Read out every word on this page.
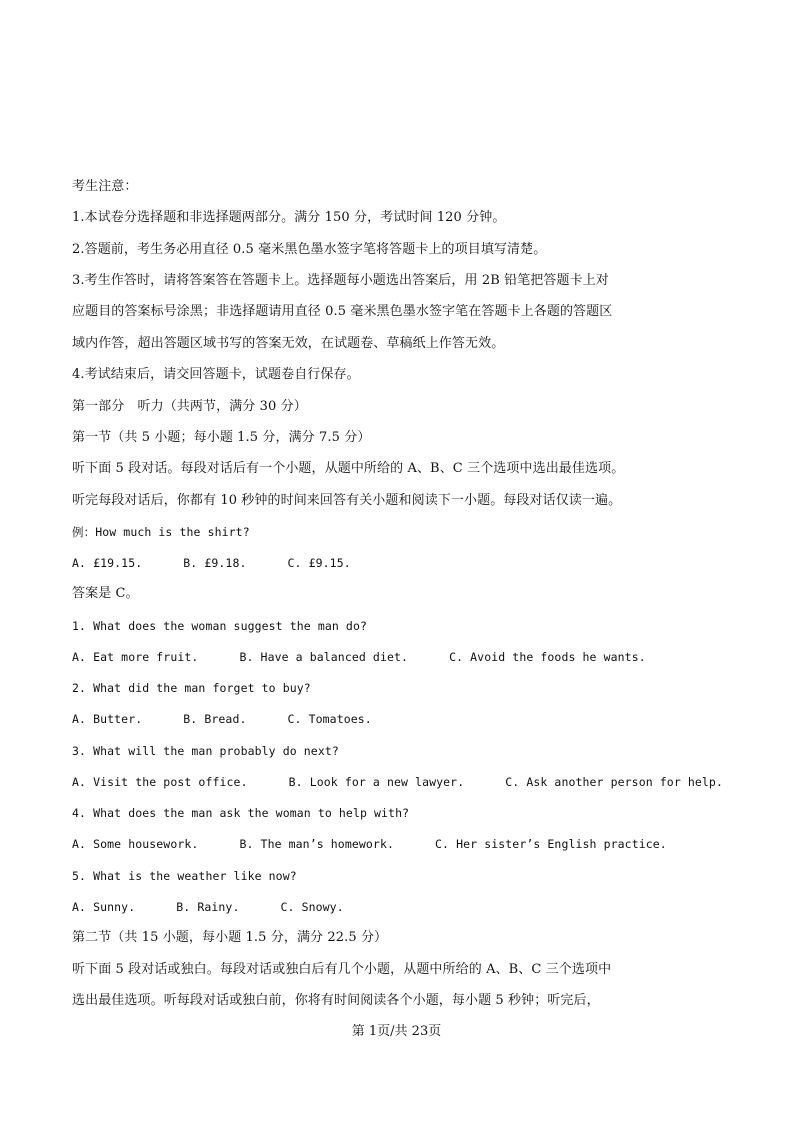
考生注意：
1.本试卷分选择题和非选择题两部分。满分 150 分，考试时间 120 分钟。
2.答题前，考生务必用直径 0.5 毫米黑色墨水签字笔将答题卡上的项目填写清楚。
3.考生作答时，请将答案答在答题卡上。选择题每小题选出答案后，用 2B 铅笔把答题卡上对
应题目的答案标号涂黑；非选择题请用直径 0.5 毫米黑色墨水签字笔在答题卡上各题的答题区
域内作答，超出答题区域书写的答案无效，在试题卷、草稿纸上作答无效。
4.考试结束后，请交回答题卡，试题卷自行保存。
第一部分　听力（共两节，满分 30 分）
第一节（共 5 小题；每小题 1.5 分，满分 7.5 分）
听下面 5 段对话。每段对话后有一个小题，从题中所给的 A、B、C 三个选项中选出最佳选项。
听完每段对话后，你都有 10 秒钟的时间来回答有关小题和阅读下一小题。每段对话仅读一遍。
例：How much is the shirt?
A. £19.15.	B. £9.18.	C. £9.15.
答案是 C。
1. What does the woman suggest the man do?
A. Eat more fruit.	B. Have a balanced diet.	C. Avoid the foods he wants.
2. What did the man forget to buy?
A. Butter.	B. Bread.	C. Tomatoes.
3. What will the man probably do next?
A. Visit the post office.	B. Look for a new lawyer.	C. Ask another person for help.
4. What does the man ask the woman to help with?
A. Some housework.	B. The man’s homework.	C. Her sister’s English practice.
5. What is the weather like now?
A. Sunny.	B. Rainy.	C. Snowy.
第二节（共 15 小题，每小题 1.5 分，满分 22.5 分）
听下面 5 段对话或独白。每段对话或独白后有几个小题，从题中所给的 A、B、C 三个选项中
选出最佳选项。听每段对话或独白前，你将有时间阅读各个小题，每小题 5 秒钟；听完后，
第 1页/共 23页
